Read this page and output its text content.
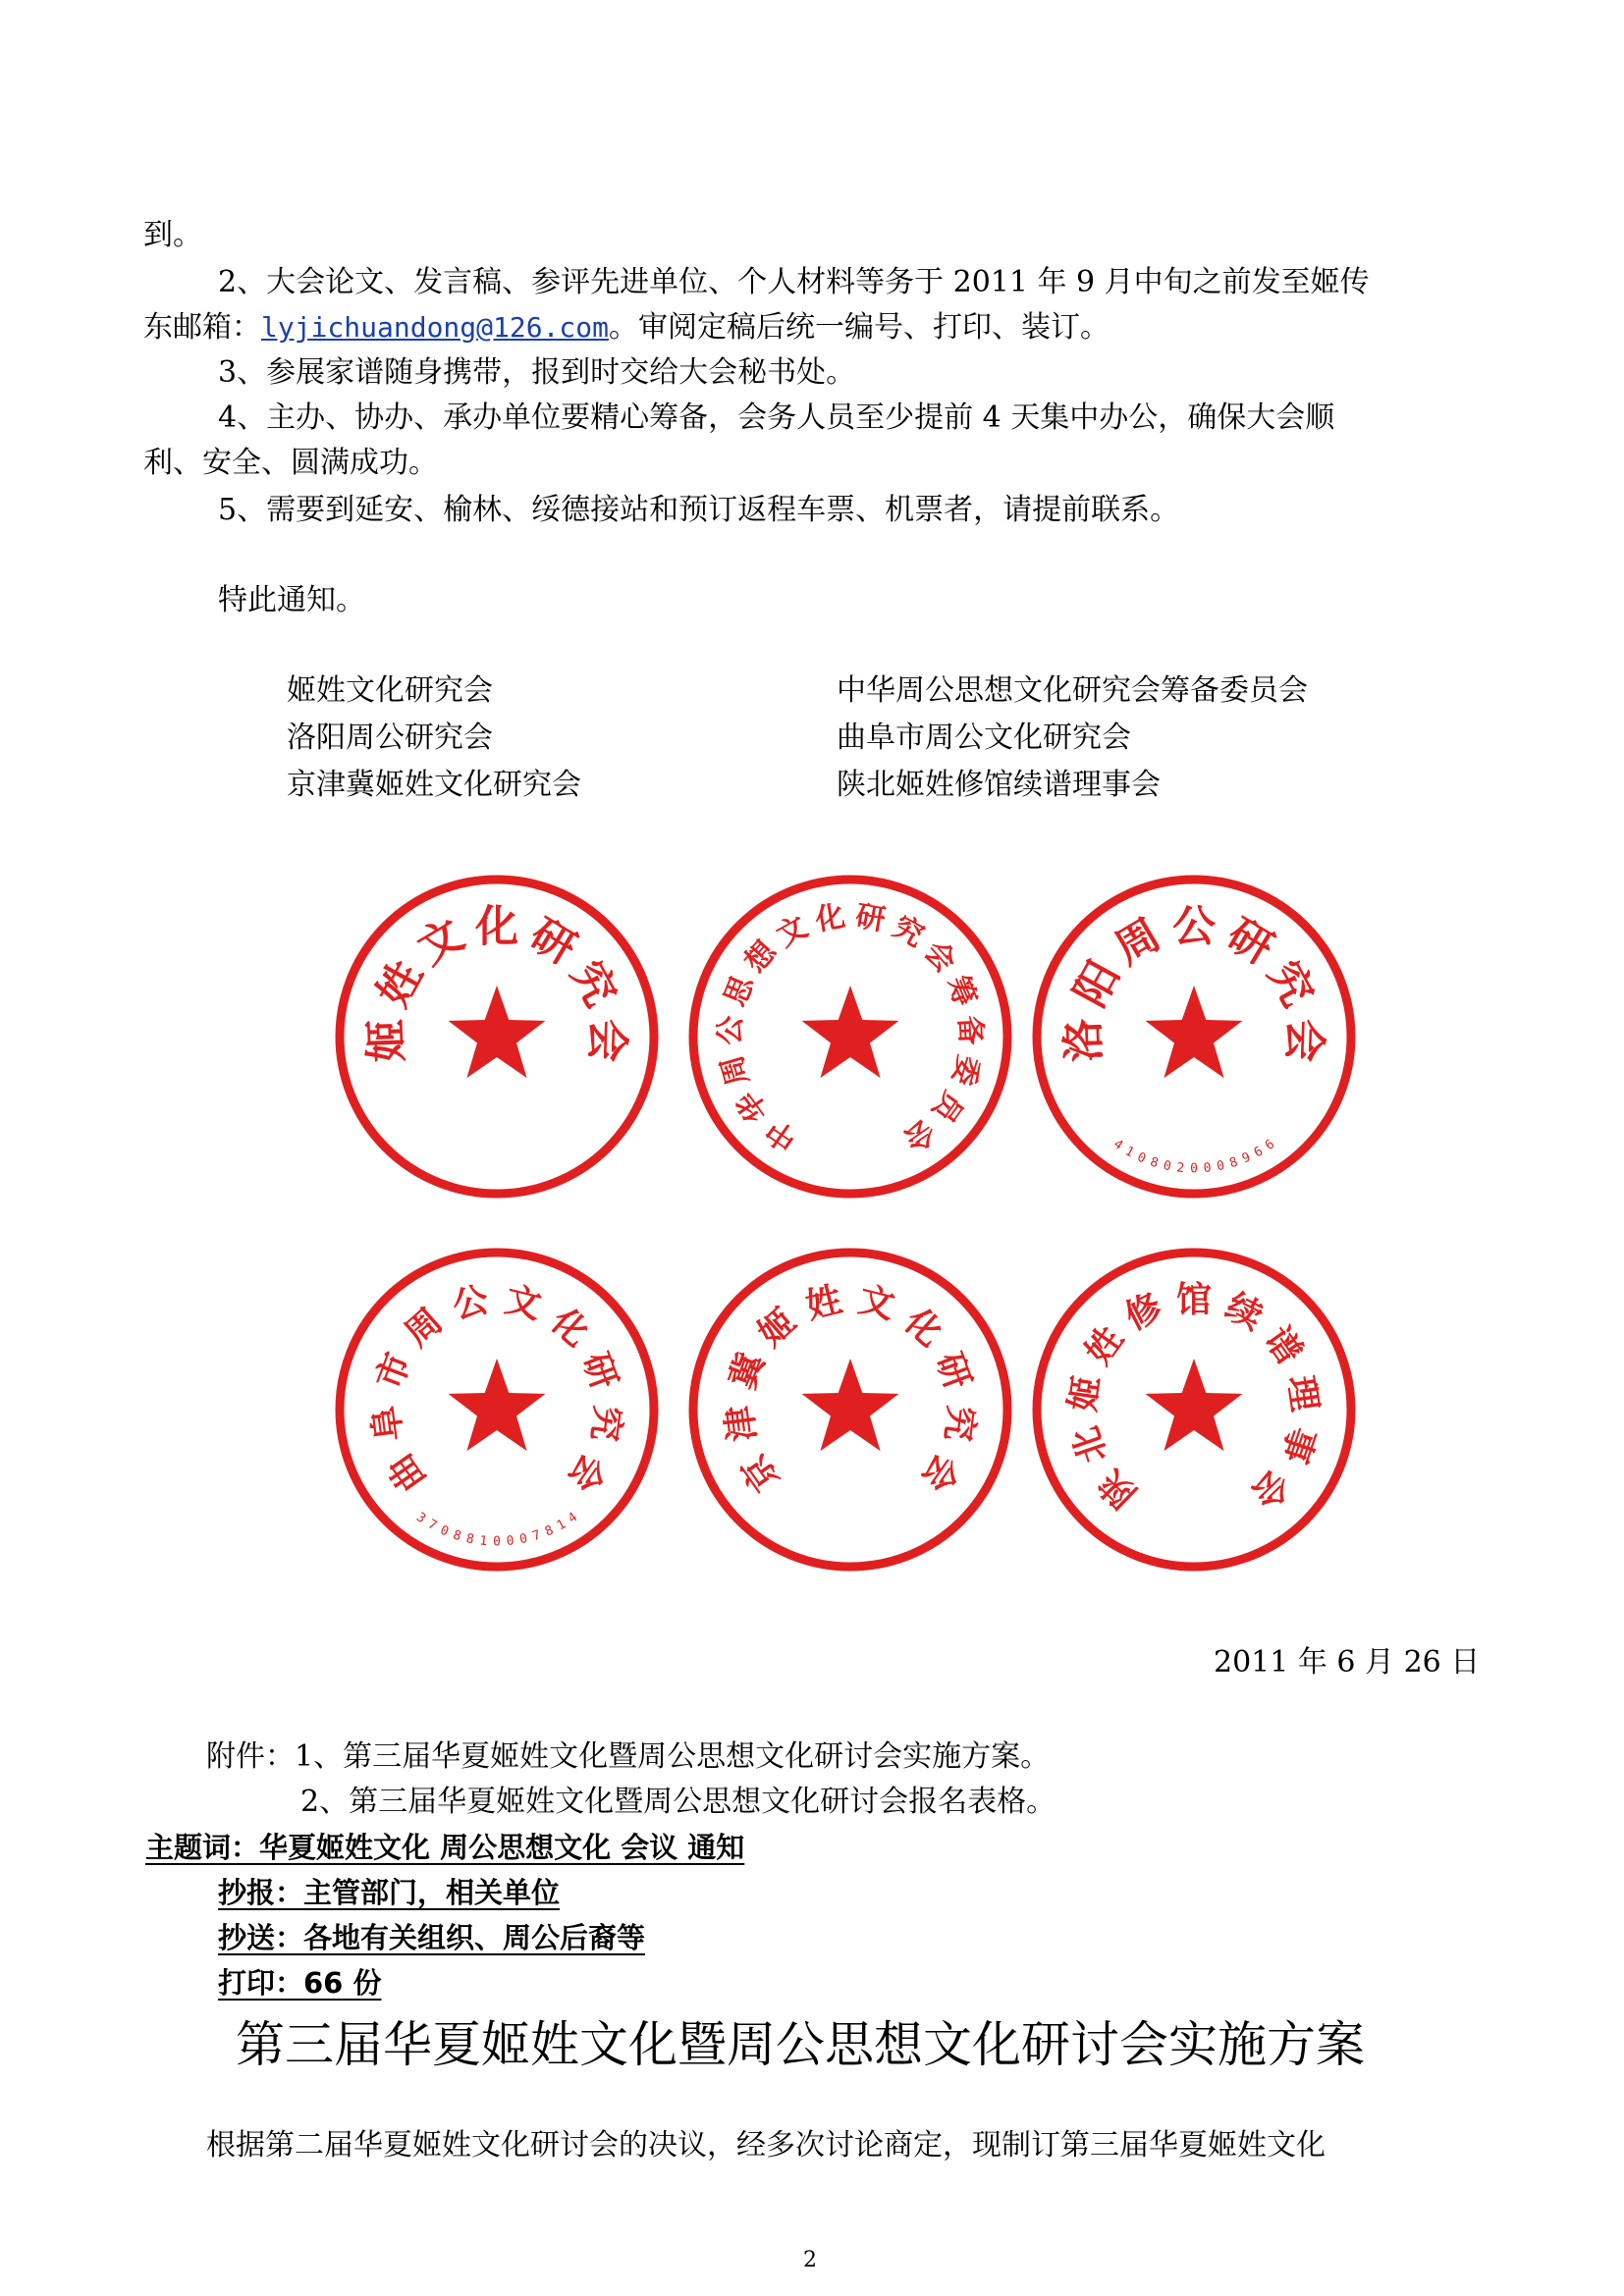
到。
2、大会论文、发言稿、参评先进单位、个人材料等务于 2011 年 9 月中旬之前发至姬传
东邮箱：lyjichuandong@126.com。审阅定稿后统一编号、打印、装订。
3、参展家谱随身携带，报到时交给大会秘书处。
4、主办、协办、承办单位要精心筹备，会务人员至少提前 4 天集中办公，确保大会顺
利、安全、圆满成功。
5、需要到延安、榆林、绥德接站和预订返程车票、机票者，请提前联系。
特此通知。
姬姓文化研究会
洛阳周公研究会
京津冀姬姓文化研究会
中华周公思想文化研究会筹备委员会
曲阜市周公文化研究会
陕北姬姓修馆续谱理事会
姬
姓
文 化 研
究
会
中
华
周
公
思
想
文 化 研 究
会
筹
备
委
员
会
洛
阳
周 公 研
究
会
4
1
0 8 0 2 0 0 0 8 9
6
6
曲
阜
市
周
公 文
化
研
究
会
3
7
0 8 8 1 0 0 0 7 8
1
4
京
津
冀
姬
姓 文
化
研
究
会	陕
北
姬
姓
修 馆 续
谱
理
事
会
2011 年 6 月 26 日
附件：1、第三届华夏姬姓文化暨周公思想文化研讨会实施方案。
2、第三届华夏姬姓文化暨周公思想文化研讨会报名表格。
主题词：华夏姬姓文化 周公思想文化 会议 通知
抄报：主管部门，相关单位
抄送：各地有关组织、周公后裔等
打印：66 份
第三届华夏姬姓文化暨周公思想文化研讨会实施方案
根据第二届华夏姬姓文化研讨会的决议，经多次讨论商定，现制订第三届华夏姬姓文化
2
